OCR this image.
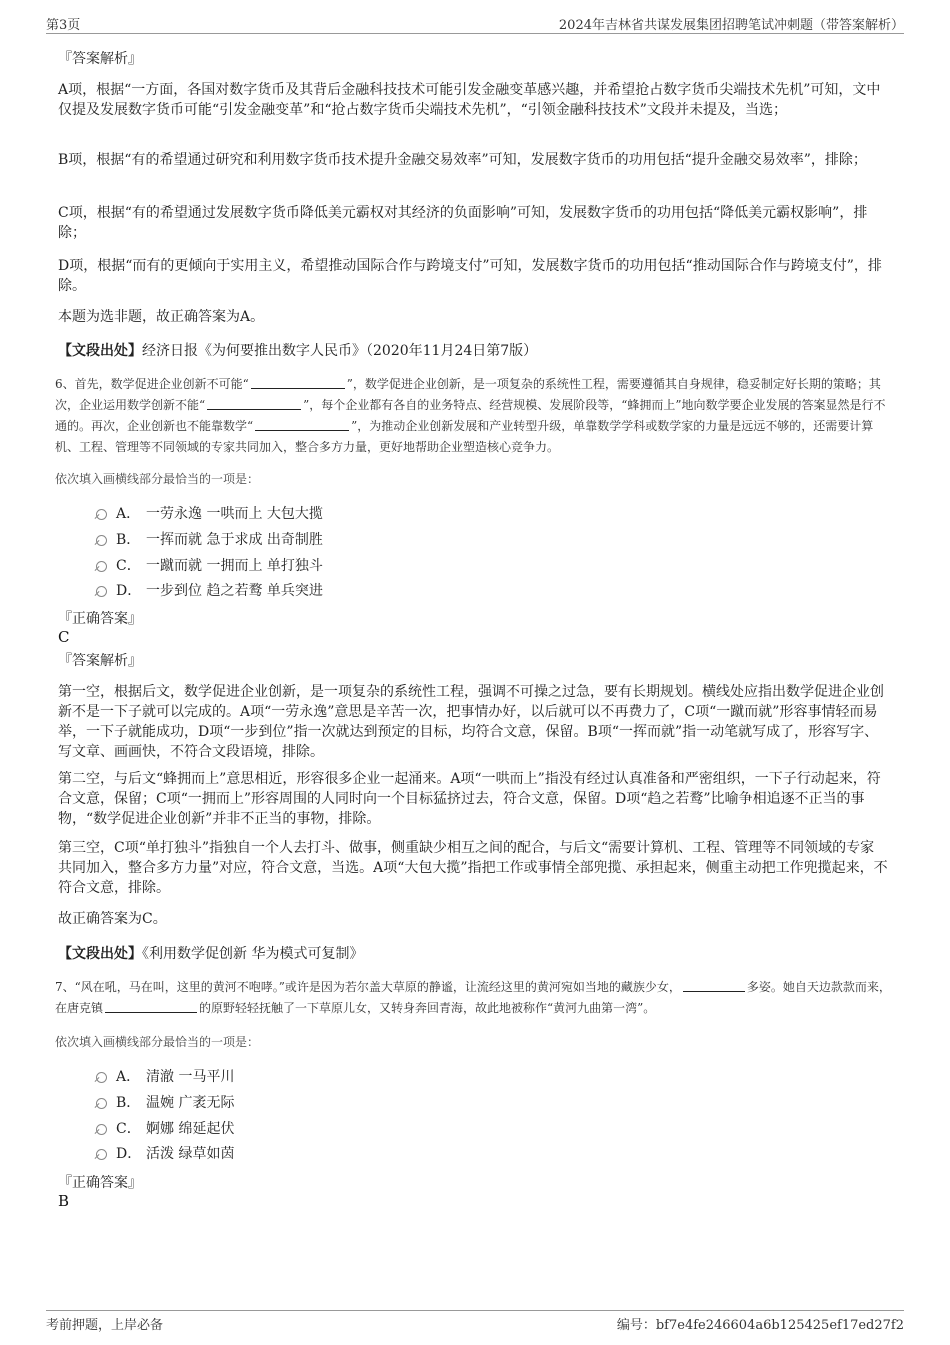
第3页	2024年吉林省共谋发展集团招聘笔试冲刺题（带答案解析）
『答案解析』
A项，根据“一方面，各国对数字货币及其背后金融科技技术可能引发金融变革感兴趣，并希望抢占数字货币尖端技术先机”可知，文中仅提及发展数字货币可能“引发金融变革”和“抢占数字货币尖端技术先机”，“引领金融科技技术”文段并未提及，当选；
B项，根据“有的希望通过研究和利用数字货币技术提升金融交易效率”可知，发展数字货币的功用包括“提升金融交易效率”，排除；
C项，根据“有的希望通过发展数字货币降低美元霸权对其经济的负面影响”可知，发展数字货币的功用包括“降低美元霸权影响”，排除；
D项，根据“而有的更倾向于实用主义，希望推动国际合作与跨境支付”可知，发展数字货币的功用包括“推动国际合作与跨境支付”，排除。
本题为选非题，故正确答案为A。
【文段出处】经济日报《为何要推出数字人民币》（2020年11月24日第7版）
6、首先，数学促进企业创新不可能“	”，数学促进企业创新，是一项复杂的系统性工程，需要遵循其自身规律，稳妥制定好长期的策略；其次，企业运用数学创新不能“	”，每个企业都有各自的业务特点、经营规模、发展阶段等，“蜂拥而上”地向数学要企业发展的答案显然是行不通的。再次，企业创新也不能靠数学“	”，为推动企业创新发展和产业转型升级，单靠数学学科或数学家的力量是远远不够的，还需要计算机、工程、管理等不同领域的专家共同加入，整合多方力量，更好地帮助企业塑造核心竞争力。
依次填入画横线部分最恰当的一项是：
A． 一劳永逸 一哄而上 大包大揽
B． 一挥而就 急于求成 出奇制胜
C． 一蹴而就 一拥而上 单打独斗
D． 一步到位 趋之若鹜 单兵突进
『正确答案』
C
『答案解析』
第一空，根据后文，数学促进企业创新，是一项复杂的系统性工程，强调不可操之过急，要有长期规划。横线处应指出数学促进企业创新不是一下子就可以完成的。A项“一劳永逸”意思是辛苦一次，把事情办好，以后就可以不再费力了，C项“一蹴而就”形容事情轻而易举，一下子就能成功，D项“一步到位”指一次就达到预定的目标，均符合文意，保留。B项“一挥而就”指一动笔就写成了，形容写字、写文章、画画快，不符合文段语境，排除。
第二空，与后文“蜂拥而上”意思相近，形容很多企业一起涌来。A项“一哄而上”指没有经过认真准备和严密组织，一下子行动起来，符合文意，保留；C项“一拥而上”形容周围的人同时向一个目标猛挤过去，符合文意，保留。D项“趋之若鹜”比喻争相追逐不正当的事物，“数学促进企业创新”并非不正当的事物，排除。
第三空，C项“单打独斗”指独自一个人去打斗、做事，侧重缺少相互之间的配合，与后文“需要计算机、工程、管理等不同领域的专家共同加入，整合多方力量”对应，符合文意，当选。A项“大包大揽”指把工作或事情全部兜揽、承担起来，侧重主动把工作兜揽起来，不符合文意，排除。
故正确答案为C。
【文段出处】《利用数学促创新 华为模式可复制》
7、“风在吼，马在叫，这里的黄河不咆哮。”或许是因为若尔盖大草原的静谧，让流经这里的黄河宛如当地的藏族少女，	多姿。她自天边款款而来，在唐克镇	的原野轻轻抚触了一下草原儿女，又转身奔回青海，故此地被称作“黄河九曲第一湾”。
依次填入画横线部分最恰当的一项是：
A． 清澈 一马平川
B． 温婉 广袤无际
C． 婀娜 绵延起伏
D． 活泼 绿草如茵
『正确答案』
B
考前押题，上岸必备	编号：bf7e4fe246604a6b125425ef17ed27f2
